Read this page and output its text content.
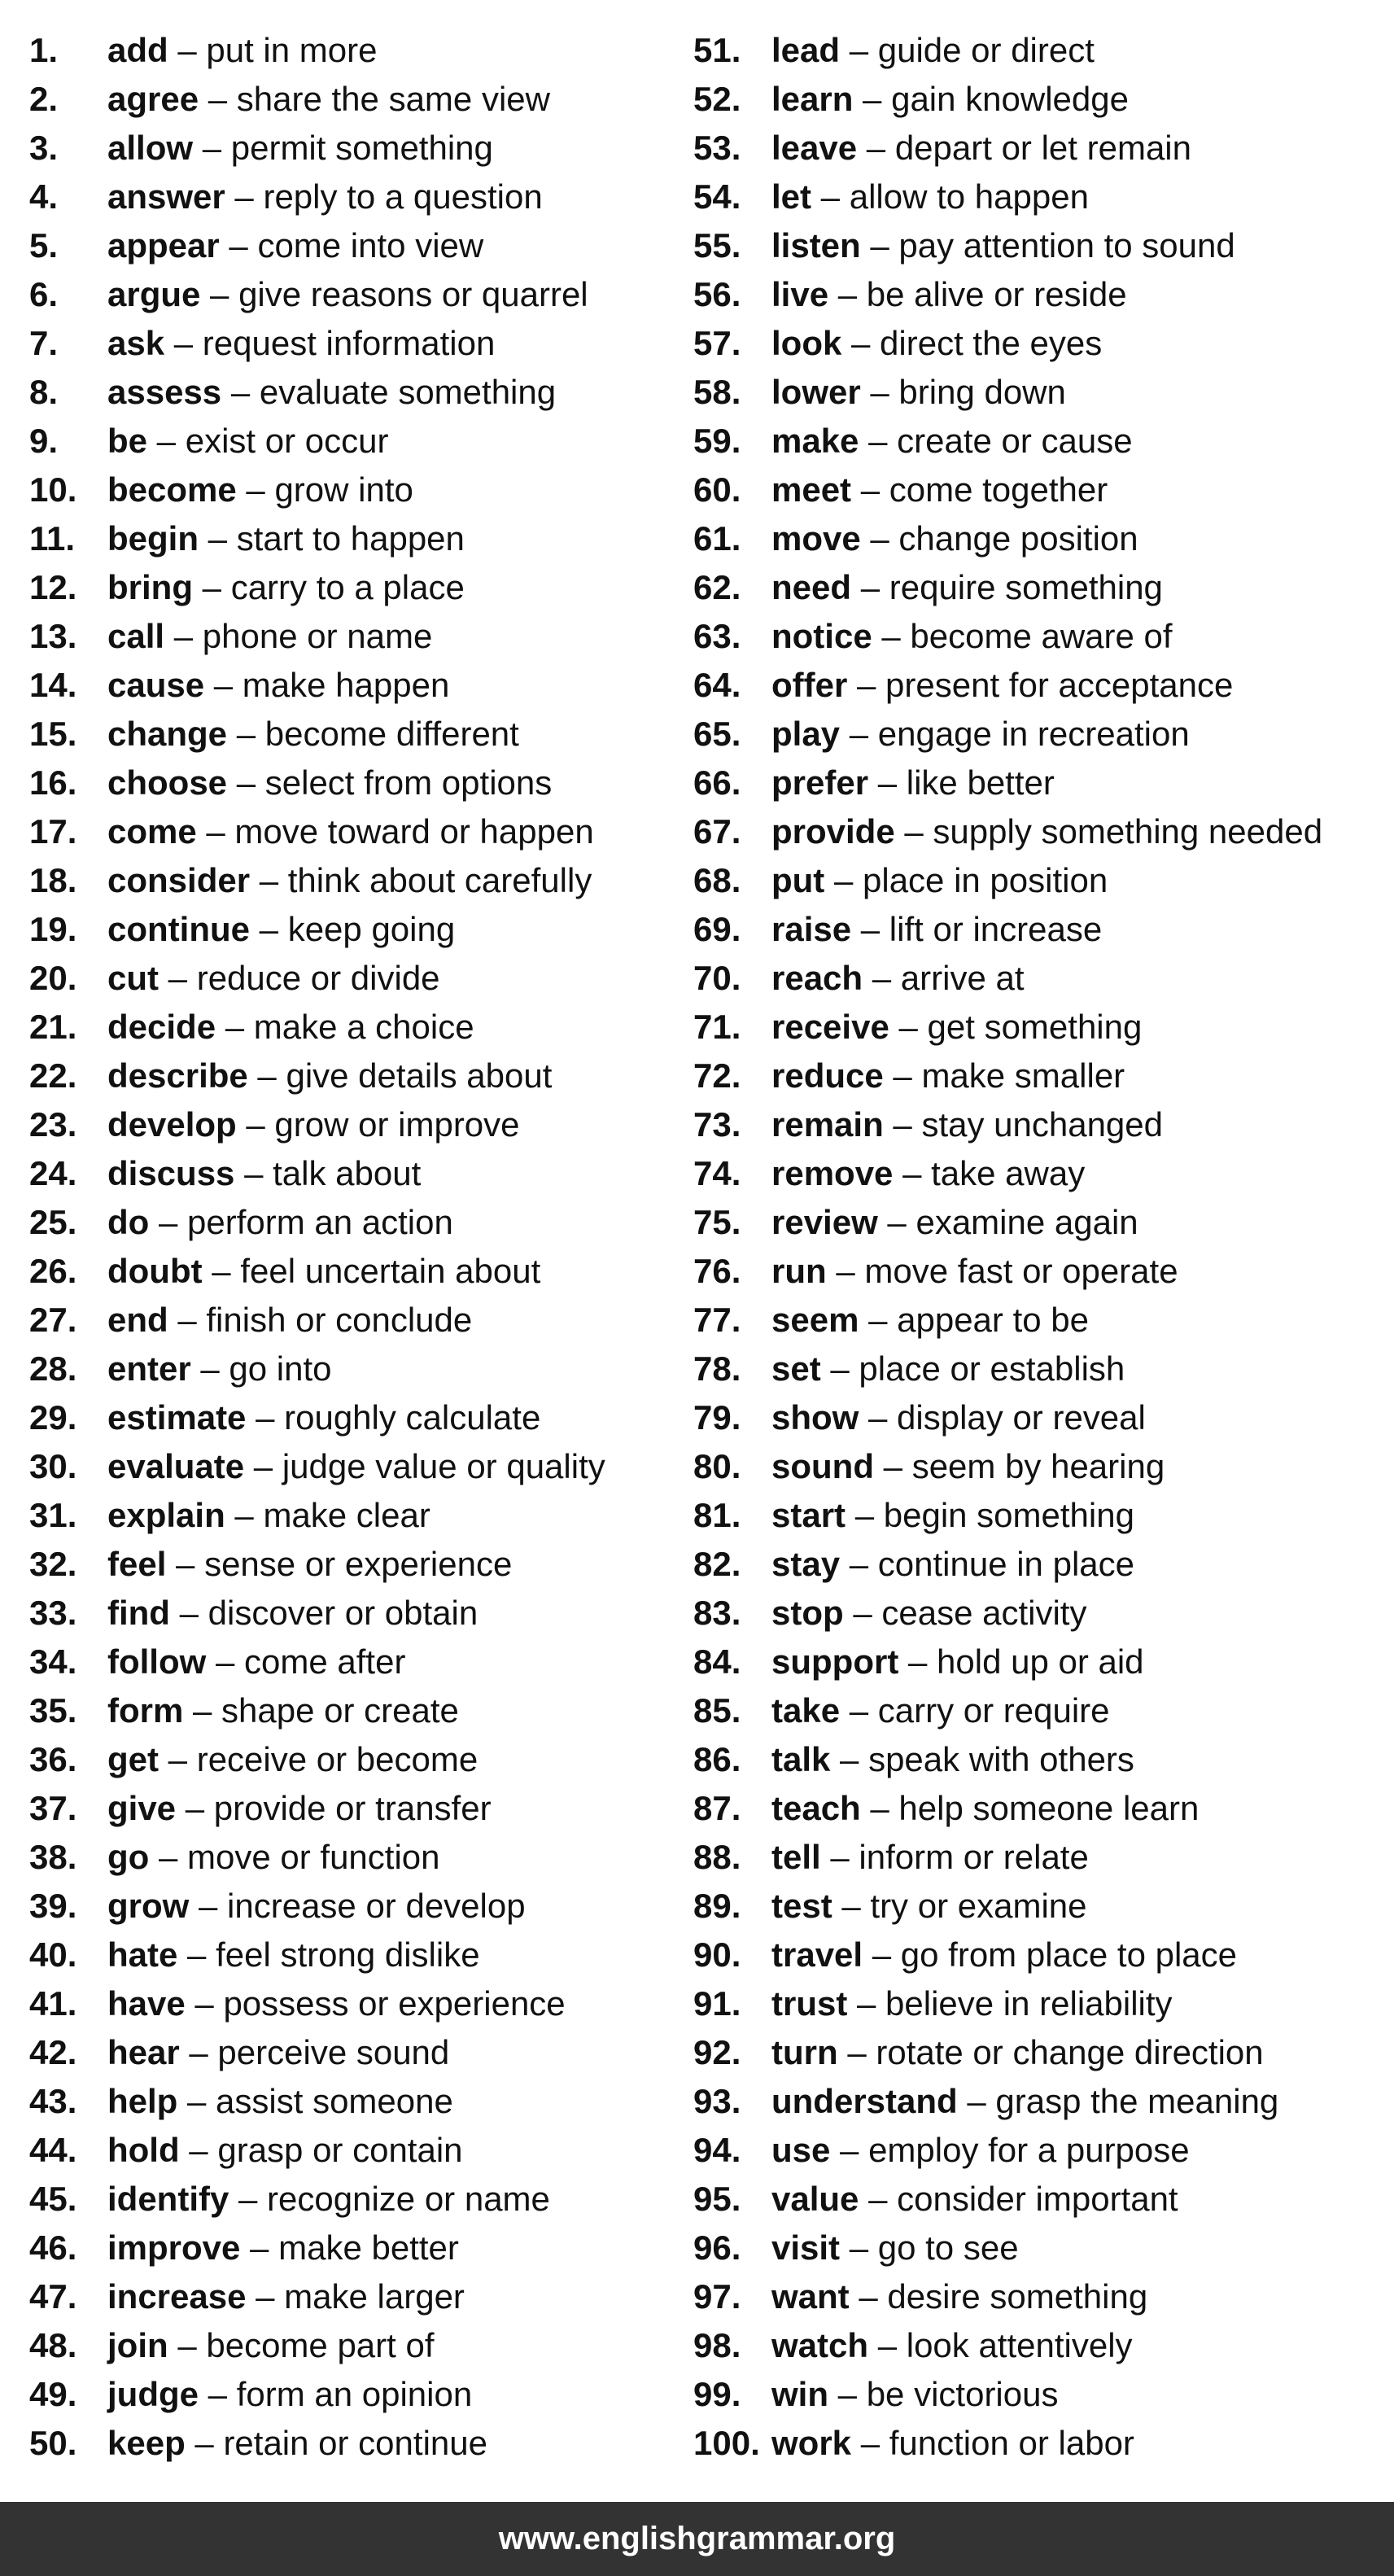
1. add – put in more
2. agree – share the same view
3. allow – permit something
4. answer – reply to a question
5. appear – come into view
6. argue – give reasons or quarrel
7. ask – request information
8. assess – evaluate something
9. be – exist or occur
10. become – grow into
11. begin – start to happen
12. bring – carry to a place
13. call – phone or name
14. cause – make happen
15. change – become different
16. choose – select from options
17. come – move toward or happen
18. consider – think about carefully
19. continue – keep going
20. cut – reduce or divide
21. decide – make a choice
22. describe – give details about
23. develop – grow or improve
24. discuss – talk about
25. do – perform an action
26. doubt – feel uncertain about
27. end – finish or conclude
28. enter – go into
29. estimate – roughly calculate
30. evaluate – judge value or quality
31. explain – make clear
32. feel – sense or experience
33. find – discover or obtain
34. follow – come after
35. form – shape or create
36. get – receive or become
37. give – provide or transfer
38. go – move or function
39. grow – increase or develop
40. hate – feel strong dislike
41. have – possess or experience
42. hear – perceive sound
43. help – assist someone
44. hold – grasp or contain
45. identify – recognize or name
46. improve – make better
47. increase – make larger
48. join – become part of
49. judge – form an opinion
50. keep – retain or continue
51. lead – guide or direct
52. learn – gain knowledge
53. leave – depart or let remain
54. let – allow to happen
55. listen – pay attention to sound
56. live – be alive or reside
57. look – direct the eyes
58. lower – bring down
59. make – create or cause
60. meet – come together
61. move – change position
62. need – require something
63. notice – become aware of
64. offer – present for acceptance
65. play – engage in recreation
66. prefer – like better
67. provide – supply something needed
68. put – place in position
69. raise – lift or increase
70. reach – arrive at
71. receive – get something
72. reduce – make smaller
73. remain – stay unchanged
74. remove – take away
75. review – examine again
76. run – move fast or operate
77. seem – appear to be
78. set – place or establish
79. show – display or reveal
80. sound – seem by hearing
81. start – begin something
82. stay – continue in place
83. stop – cease activity
84. support – hold up or aid
85. take – carry or require
86. talk – speak with others
87. teach – help someone learn
88. tell – inform or relate
89. test – try or examine
90. travel – go from place to place
91. trust – believe in reliability
92. turn – rotate or change direction
93. understand – grasp the meaning
94. use – employ for a purpose
95. value – consider important
96. visit – go to see
97. want – desire something
98. watch – look attentively
99. win – be victorious
100. work – function or labor
www.englishgrammar.org
